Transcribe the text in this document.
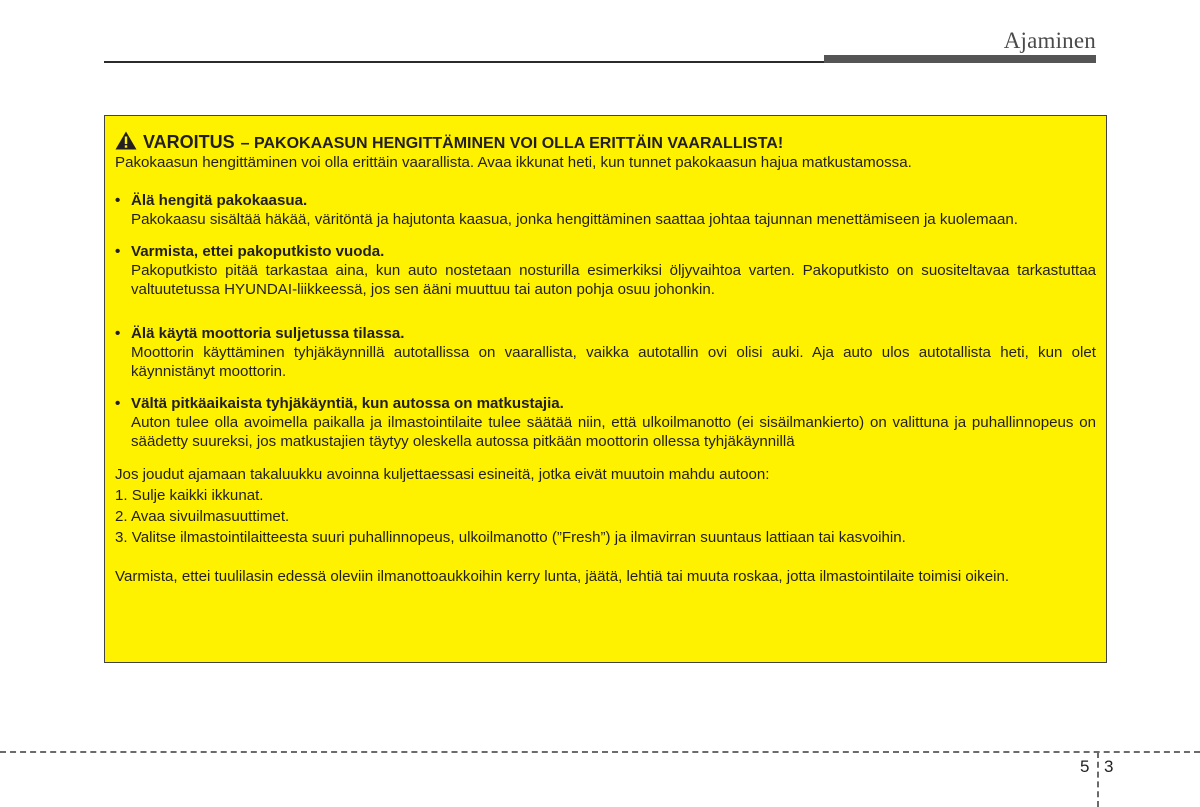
Ajaminen
VAROITUS – PAKOKAASUN HENGITTÄMINEN VOI OLLA ERITTÄIN VAARALLISTA!

Pakokaasun hengittäminen voi olla erittäin vaarallista. Avaa ikkunat heti, kun tunnet pakokaasun hajua matkustamossa.

• Älä hengitä pakokaasua.
Pakokaasu sisältää häkää, väritöntä ja hajutonta kaasua, jonka hengittäminen saattaa johtaa tajunnan menettämiseen ja kuolemaan.
• Varmista, ettei pakoputkisto vuoda.
Pakoputkisto pitää tarkastaa aina, kun auto nostetaan nosturilla esimerkiksi öljyvaihtoa varten. Pakoputkisto on suositeltavaa tarkastuttaa valtuutetussa HYUNDAI-liikkeessä, jos sen ääni muuttuu tai auton pohja osuu johonkin.
• Älä käytä moottoria suljetussa tilassa.
Moottorin käyttäminen tyhjäkäynnillä autotallissa on vaarallista, vaikka autotallin ovi olisi auki. Aja auto ulos autotallista heti, kun olet käynnistänyt moottorin.
• Vältä pitkäaikaista tyhjäkäyntiä, kun autossa on matkustajia.
Auton tulee olla avoimella paikalla ja ilmastointilaite tulee säätää niin, että ulkoilmanotto (ei sisäilmankierto) on valittuna ja puhallinnopeus on säädetty suureksi, jos matkustajien täytyy oleskella autossa pitkään moottorin ollessa tyhjäkäynnillä

Jos joudut ajamaan takaluukku avoinna kuljettaessasi esineitä, jotka eivät muutoin mahdu autoon:

1. Sulje kaikki ikkunat.

2. Avaa sivuilmasuuttimet.

3. Valitse ilmastointilaitteesta suuri puhallinnopeus, ulkoilmanotto (”Fresh”) ja ilmavirran suuntaus lattiaan tai kasvoihin.

Varmista, ettei tuulilasin edessä oleviin ilmanottoaukkoihin kerry lunta, jäätä, lehtiä tai muuta roskaa, jotta ilmastointilaite toimisi oikein.

5 3
